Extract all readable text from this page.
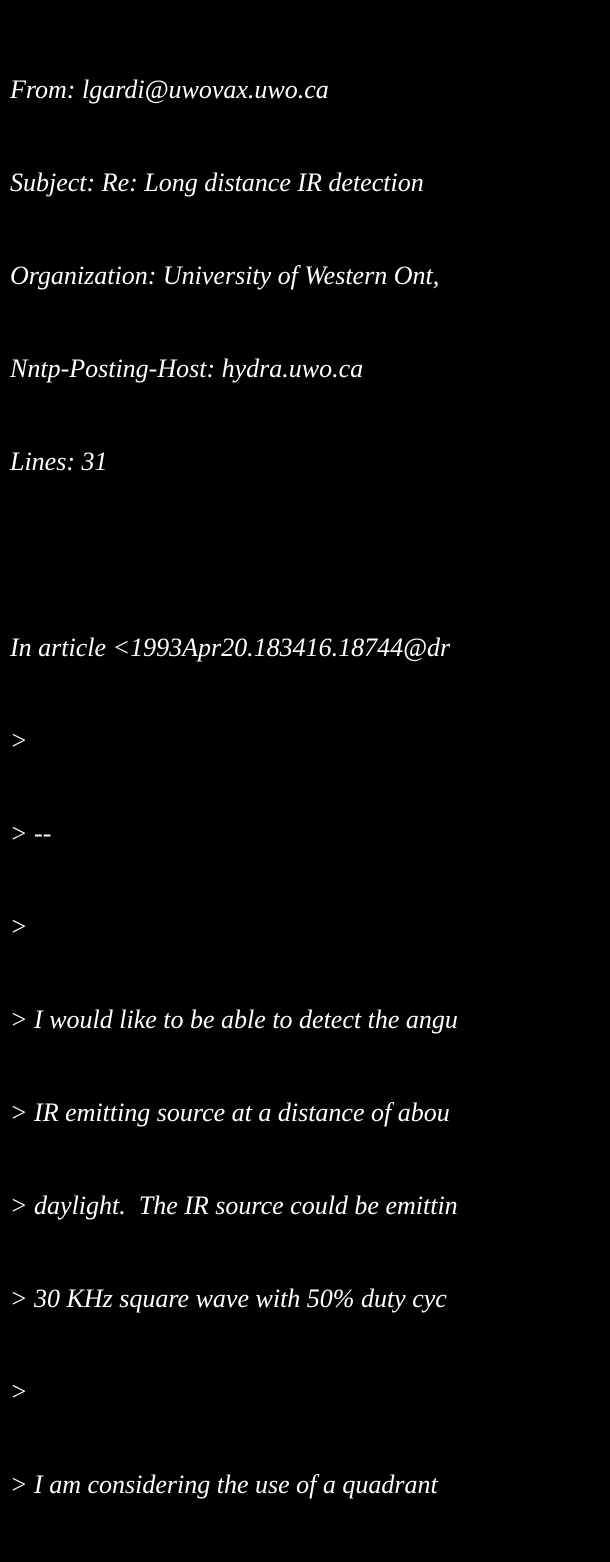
From: lgardi@uwovax.uwo.ca

Subject: Re: Long distance IR detection

Organization: University of Western Ont,

Nntp-Posting-Host: hydra.uwo.ca

Lines: 31

In article <1993Apr20.183416.18744@dr

>

> --

>

> I would like to be able to detect the angu

> IR emitting source at a distance of abou

> daylight.  The IR source could be emittin

> 30 KHz square wave with 50% duty cyc

>

> I am considering the use of a quadrant
